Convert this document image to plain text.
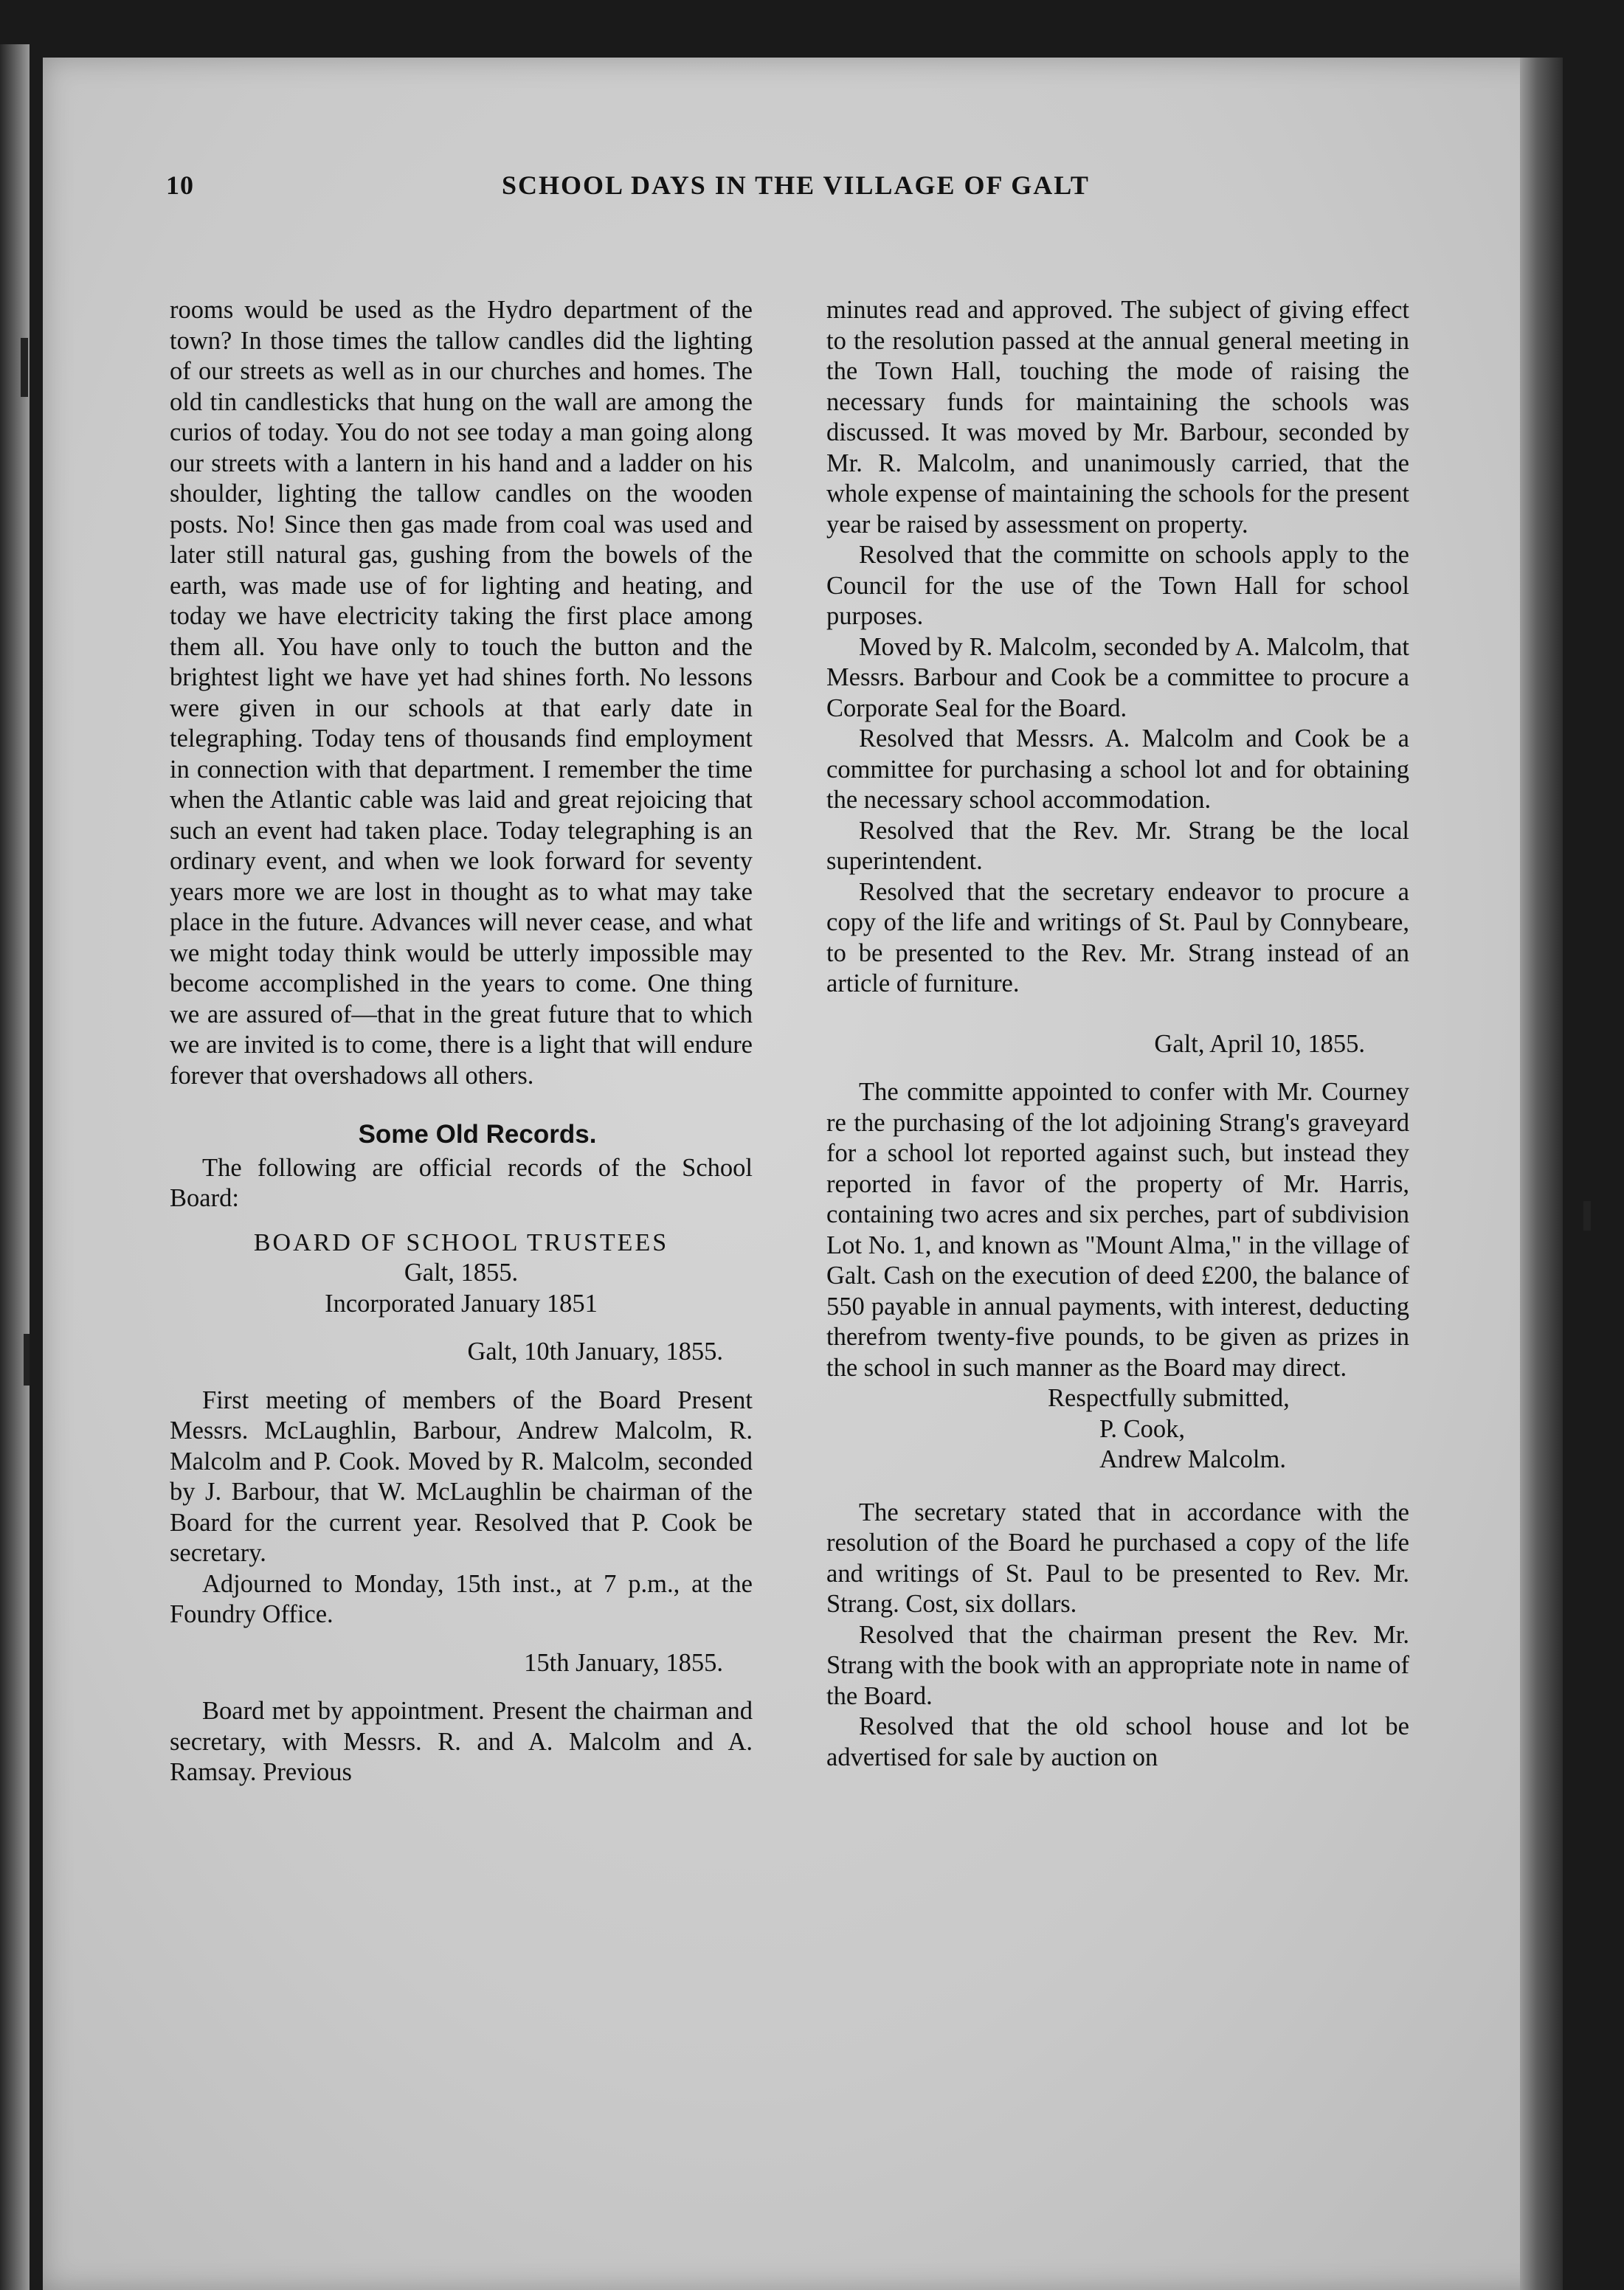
10	SCHOOL DAYS IN THE VILLAGE OF GALT

rooms would be used as the Hydro department of the town? In those times the tallow candles did the lighting of our streets as well as in our churches and homes. The old tin candlesticks that hung on the wall are among the curios of today. You do not see today a man going along our streets with a lantern in his hand and a ladder on his shoulder, lighting the tallow candles on the wooden posts. No! Since then gas made from coal was used and later still natural gas, gushing from the bowels of the earth, was made use of for lighting and heating, and today we have electricity taking the first place among them all. You have only to touch the button and the brightest light we have yet had shines forth. No lessons were given in our schools at that early date in telegraphing. Today tens of thousands find employment in connection with that department. I remember the time when the Atlantic cable was laid and great rejoicing that such an event had taken place. Today telegraphing is an ordinary event, and when we look forward for seventy years more we are lost in thought as to what may take place in the future. Advances will never cease, and what we might today think would be utterly impossible may become accomplished in the years to come. One thing we are assured of—that in the great future that to which we are invited is to come, there is a light that will endure forever that overshadows all others.

Some Old Records.

The following are official records of the School Board:

BOARD OF SCHOOL TRUSTEES

Galt, 1855.

Incorporated January 1851

Galt, 10th January, 1855.

First meeting of members of the Board Present Messrs. McLaughlin, Barbour, Andrew Malcolm, R. Malcolm and P. Cook. Moved by R. Malcolm, seconded by J. Barbour, that W. McLaughlin be chairman of the Board for the current year. Resolved that P. Cook be secretary.

Adjourned to Monday, 15th inst., at 7 p.m., at the Foundry Office.

15th January, 1855.

Board met by appointment. Present the chairman and secretary, with Messrs. R. and A. Malcolm and A. Ramsay. Previous

minutes read and approved. The subject of giving effect to the resolution passed at the annual general meeting in the Town Hall, touching the mode of raising the necessary funds for maintaining the schools was discussed. It was moved by Mr. Barbour, seconded by Mr. R. Malcolm, and unanimously carried, that the whole expense of maintaining the schools for the present year be raised by assessment on property.

Resolved that the committe on schools apply to the Council for the use of the Town Hall for school purposes.

Moved by R. Malcolm, seconded by A. Malcolm, that Messrs. Barbour and Cook be a committee to procure a Corporate Seal for the Board.

Resolved that Messrs. A. Malcolm and Cook be a committee for purchasing a school lot and for obtaining the necessary school accommodation.

Resolved that the Rev. Mr. Strang be the local superintendent.

Resolved that the secretary endeavor to procure a copy of the life and writings of St. Paul by Connybeare, to be presented to the Rev. Mr. Strang instead of an article of furniture.

Galt, April 10, 1855.

The committe appointed to confer with Mr. Courney re the purchasing of the lot adjoining Strang's graveyard for a school lot reported against such, but instead they reported in favor of the property of Mr. Harris, containing two acres and six perches, part of subdivision Lot No. 1, and known as "Mount Alma," in the village of Galt. Cash on the execution of deed £200, the balance of 550 payable in annual payments, with interest, deducting therefrom twenty-five pounds, to be given as prizes in the school in such manner as the Board may direct.

Respectfully submitted,

P. Cook,

Andrew Malcolm.

The secretary stated that in accordance with the resolution of the Board he purchased a copy of the life and writings of St. Paul to be presented to Rev. Mr. Strang. Cost, six dollars.

Resolved that the chairman present the Rev. Mr. Strang with the book with an appropriate note in name of the Board.

Resolved that the old school house and lot be advertised for sale by auction on
